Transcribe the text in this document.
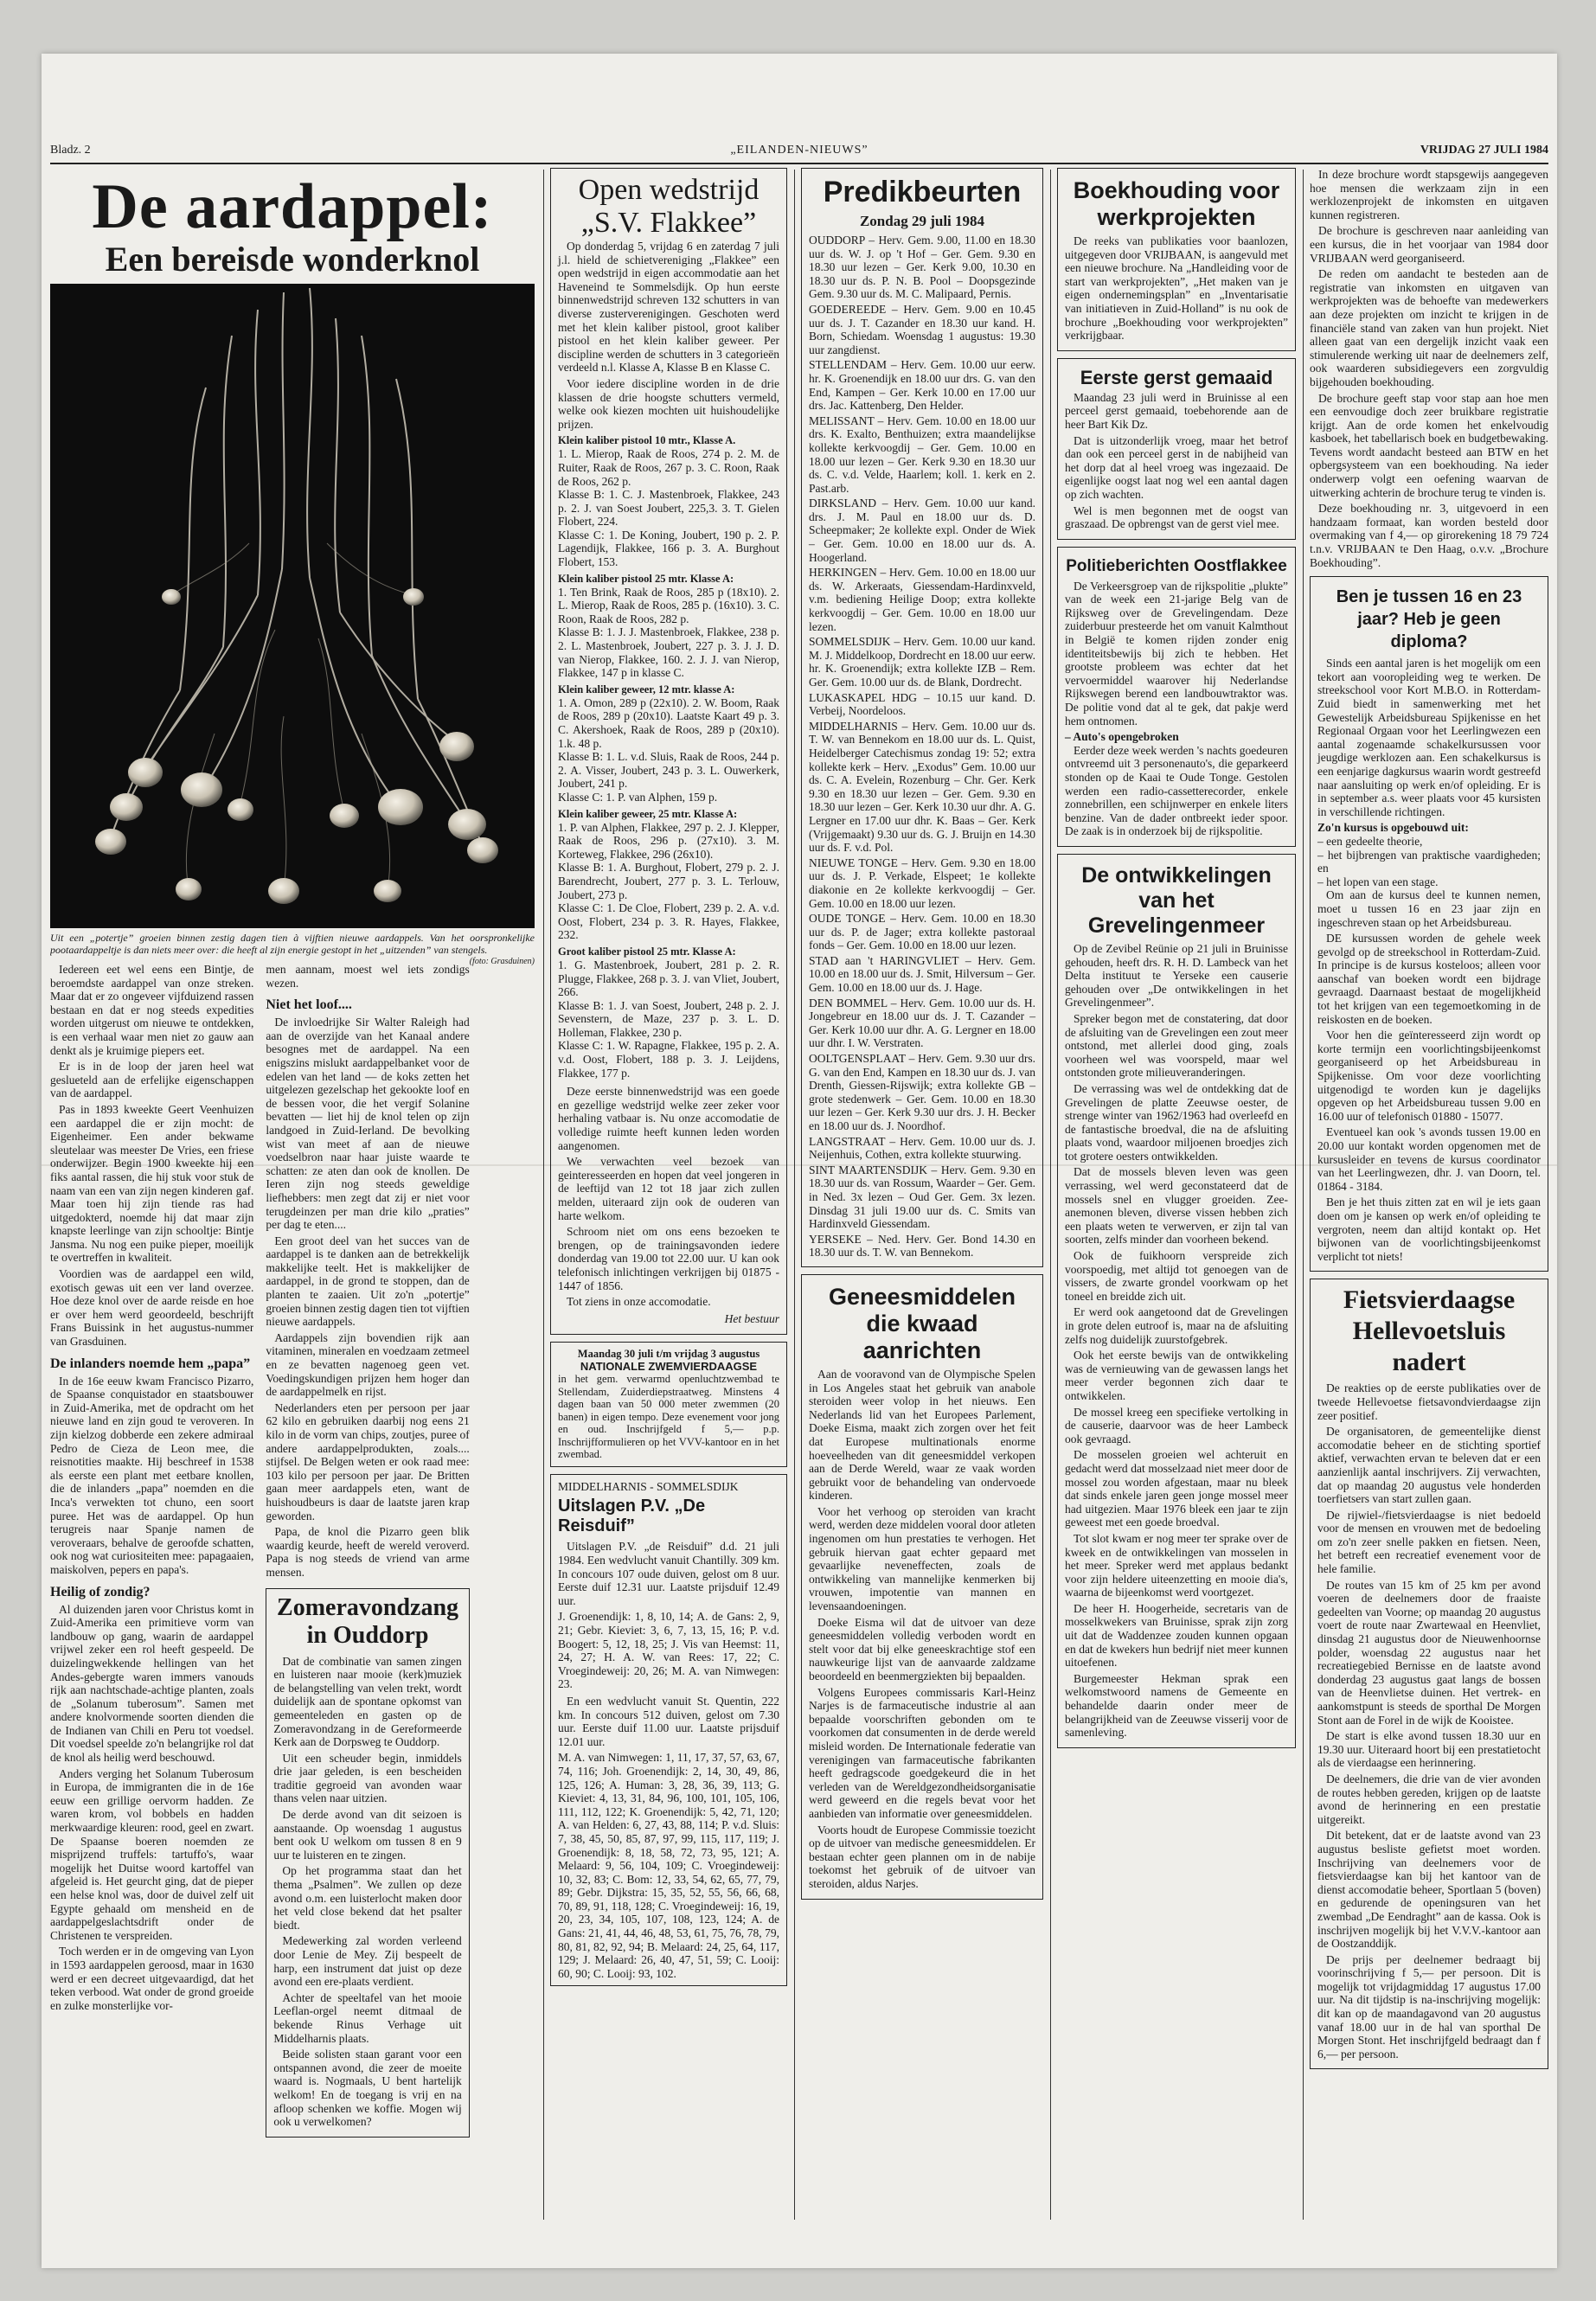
Bladz. 2	„EILANDEN-NIEUWS”	VRIJDAG 27 JULI 1984
De aardappel:
Een bereisde wonderknol
Uit een „potertje” groeien binnen zestig dagen tien à vijftien nieuwe aardappels. Van het oorspronkelijke pootaardappeltje is dan niets meer over: die heeft al zijn energie gestopt in het „uitzenden” van stengels.
(foto: Grasduinen)

Iedereen eet wel eens een Bintje, de beroemdste aardappel van onze streken. Maar dat er zo ongeveer vijfduizend rassen bestaan en dat er nog steeds expedities worden uitgerust om nieuwe te ontdekken, is een verhaal waar men niet zo gauw aan denkt als je kruimige piepers eet.

Er is in de loop der jaren heel wat geslueteld aan de erfelijke eigenschappen van de aardappel.

Pas in 1893 kweekte Geert Veenhuizen een aardappel die er zijn mocht: de Eigenheimer. Een ander bekwame sleutelaar was meester De Vries, een friese onderwijzer. Begin 1900 kweekte hij een fiks aantal rassen, die hij stuk voor stuk de naam van een van zijn negen kinderen gaf. Maar toen hij zijn tiende ras had uitgedokterd, noemde hij dat maar zijn knapste leerlinge van zijn schooltje: Bintje Jansma. Nu nog een puike pieper, moeilijk te overtreffen in kwaliteit.

Voordien was de aardappel een wild, exotisch gewas uit een ver land overzee. Hoe deze knol over de aarde reisde en hoe er over hem werd geoordeeld, beschrijft Frans Buissink in het augustus-nummer van Grasduinen.

De inlanders noemde hem „papa”

In de 16e eeuw kwam Francisco Pizarro, de Spaanse conquistador en staatsbouwer in Zuid-Amerika, met de opdracht om het nieuwe land en zijn goud te veroveren. In zijn kielzog dobberde een zekere admiraal Pedro de Cieza de Leon mee, die reisnotities maakte. Hij beschreef in 1538 als eerste een plant met eetbare knollen, die de inlanders „papa” noemden en die Inca's verwekten tot chuno, een soort puree. Het was de aardappel. Op hun terugreis naar Spanje namen de veroveraars, behalve de geroofde schatten, ook nog wat curiositeiten mee: papagaaien, maiskolven, pepers en papa's.

Heilig of zondig?

Al duizenden jaren voor Christus komt in Zuid-Amerika een primitieve vorm van landbouw op gang, waarin de aardappel vrijwel zeker een rol heeft gespeeld. De duizelingwekkende hellingen van het Andes-gebergte waren immers vanouds rijk aan nachtschade-achtige planten, zoals de „Solanum tuberosum”. Samen met andere knolvormende soorten dienden die de Indianen van Chili en Peru tot voedsel. Dit voedsel speelde zo'n belangrijke rol dat de knol als heilig werd beschouwd.

Anders verging het Solanum Tuberosum in Europa, de immigranten die in de 16e eeuw een grillige oervorm hadden. Ze waren krom, vol bobbels en hadden merkwaardige kleuren: rood, geel en zwart. De Spaanse boeren noemden ze misprijzend truffels: tartuffo's, waar mogelijk het Duitse woord kartoffel van afgeleid is. Het geurcht ging, dat de pieper een helse knol was, door de duivel zelf uit Egypte gehaald om mensheid en de aardappelgeslachtsdrift onder de Christenen te verspreiden.

Toch werden er in de omgeving van Lyon in 1593 aardappelen geroosd, maar in 1630 werd er een decreet uitgevaardigd, dat het teken verbood. Wat onder de grond groeide en zulke monsterlijke vor-

men aannam, moest wel iets zondigs wezen.

Niet het loof....

De invloedrijke Sir Walter Raleigh had aan de overzijde van het Kanaal andere besognes met de aardappel. Na een enigszins mislukt aardappelbanket voor de edelen van het land — de koks zetten het uitgelezen gezelschap het gekookte loof en de bessen voor, die het vergif Solanine bevatten — liet hij de knol telen op zijn landgoed in Zuid-Ierland. De bevolking wist van meet af aan de nieuwe voedselbron naar haar juiste waarde te schatten: ze aten dan ook de knollen. De Ieren zijn nog steeds geweldige liefhebbers: men zegt dat zij er niet voor terugdeinzen per man drie kilo „praties” per dag te eten....

Een groot deel van het succes van de aardappel is te danken aan de betrekkelijk makkelijke teelt. Het is makkelijker de aardappel, in de grond te stoppen, dan de planten te zaaien. Uit zo'n „potertje” groeien binnen zestig dagen tien tot vijftien nieuwe aardappels.

Aardappels zijn bovendien rijk aan vitaminen, mineralen en voedzaam zetmeel en ze bevatten nagenoeg geen vet. Voedingskundigen prijzen hem hoger dan de aardappelmelk en rijst.

Nederlanders eten per persoon per jaar 62 kilo en gebruiken daarbij nog eens 21 kilo in de vorm van chips, zoutjes, puree of andere aardappelprodukten, zoals.... stijfsel. De Belgen weten er ook raad mee: 103 kilo per persoon per jaar. De Britten gaan meer aardappels eten, want de huishoudbeurs is daar de laatste jaren krap geworden.

Papa, de knol die Pizarro geen blik waardig keurde, heeft de wereld veroverd. Papa is nog steeds de vriend van arme mensen.

Zomeravondzang in Ouddorp

Dat de combinatie van samen zingen en luisteren naar mooie (kerk)muziek de belangstelling van velen trekt, wordt duidelijk aan de spontane opkomst van gemeenteleden en gasten op de Zomeravondzang in de Gereformeerde Kerk aan de Dorpsweg te Ouddorp.

Uit een scheuder begin, inmiddels drie jaar geleden, is een bescheiden traditie gegroeid van avonden waar thans velen naar uitzien.

De derde avond van dit seizoen is aanstaande. Op woensdag 1 augustus bent ook U welkom om tussen 8 en 9 uur te luisteren en te zingen.

Op het programma staat dan het thema „Psalmen”. We zullen op deze avond o.m. een luisterlocht maken door het veld close bekend dat het psalter biedt.

Medewerking zal worden verleend door Lenie de Mey. Zij bespeelt de harp, een instrument dat juist op deze avond een ere-plaats verdient.

Achter de speeltafel van het mooie Leeflan-orgel neemt ditmaal de bekende Rinus Verhage uit Middelharnis plaats.

Beide solisten staan garant voor een ontspannen avond, die zeer de moeite waard is. Nogmaals, U bent hartelijk welkom! En de toegang is vrij en na afloop schenken we koffie. Mogen wij ook u verwelkomen?

Open wedstrijd „S.V. Flakkee”

Op donderdag 5, vrijdag 6 en zaterdag 7 juli j.l. hield de schietvereniging „Flakkee” een open wedstrijd in eigen accommodatie aan het Haveneind te Sommelsdijk. Op hun eerste binnenwedstrijd schreven 132 schutters in van diverse zusterverenigingen. Geschoten werd met het klein kaliber pistool, groot kaliber pistool en het klein kaliber geweer. Per discipline werden de schutters in 3 categorieën verdeeld n.l. Klasse A, Klasse B en Klasse C.

Voor iedere discipline worden in de drie klassen de drie hoogste schutters vermeld, welke ook kiezen mochten uit huishoudelijke prijzen.

Klein kaliber pistool 10 mtr., Klasse A.
1. L. Mierop, Raak de Roos, 274 p. 2. M. de Ruiter, Raak de Roos, 267 p. 3. C. Roon, Raak de Roos, 262 p.
Klasse B: 1. C. J. Mastenbroek, Flakkee, 243 p. 2. J. van Soest Joubert, 225,3. 3. T. Gielen Flobert, 224.
Klasse C: 1. De Koning, Joubert, 190 p. 2. P. Lagendijk, Flakkee, 166 p. 3. A. Burghout Flobert, 153.
Klein kaliber pistool 25 mtr. Klasse A:
1. Ten Brink, Raak de Roos, 285 p (18x10). 2. L. Mierop, Raak de Roos, 285 p. (16x10). 3. C. Roon, Raak de Roos, 282 p.
Klasse B: 1. J. J. Mastenbroek, Flakkee, 238 p. 2. L. Mastenbroek, Joubert, 227 p. 3. J. J. D. van Nierop, Flakkee, 160. 2. J. J. van Nierop, Flakkee, 147 p in klasse C.
Klein kaliber geweer, 12 mtr. klasse A:
1. A. Omon, 289 p (22x10). 2. W. Boom, Raak de Roos, 289 p (20x10). Laatste Kaart 49 p. 3. C. Akershoek, Raak de Roos, 289 p (20x10). 1.k. 48 p.
Klasse B: 1. L. v.d. Sluis, Raak de Roos, 244 p. 2. A. Visser, Joubert, 243 p. 3. L. Ouwerkerk, Joubert, 241 p.
Klasse C: 1. P. van Alphen, 159 p.
Klein kaliber geweer, 25 mtr. Klasse A:
1. P. van Alphen, Flakkee, 297 p. 2. J. Klepper, Raak de Roos, 296 p. (27x10). 3. M. Korteweg, Flakkee, 296 (26x10).
Klasse B: 1. A. Burghout, Flobert, 279 p. 2. J. Barendrecht, Joubert, 277 p. 3. L. Terlouw, Joubert, 273 p.
Klasse C: 1. De Cloe, Flobert, 239 p. 2. A. v.d. Oost, Flobert, 234 p. 3. R. Hayes, Flakkee, 232.
Groot kaliber pistool 25 mtr. Klasse A:
1. G. Mastenbroek, Joubert, 281 p. 2. R. Plugge, Flakkee, 268 p. 3. J. van Vliet, Joubert, 266.
Klasse B: 1. J. van Soest, Joubert, 248 p. 2. J. Sevenstern, de Maze, 237 p. 3. L. D. Holleman, Flakkee, 230 p.
Klasse C: 1. W. Rapagne, Flakkee, 195 p. 2. A. v.d. Oost, Flobert, 188 p. 3. J. Leijdens, Flakkee, 177 p.

Deze eerste binnenwedstrijd was een goede en gezellige wedstrijd welke zeer zeker voor herhaling vatbaar is. Nu onze accomodatie de volledige ruimte heeft kunnen leden worden aangenomen.

We verwachten veel bezoek van geinteresseerden en hopen dat veel jongeren in de leeftijd van 12 tot 18 jaar zich zullen melden, uiteraard zijn ook de ouderen van harte welkom.

Schroom niet om ons eens bezoeken te brengen, op de trainingsavonden iedere donderdag van 19.00 tot 22.00 uur. U kan ook telefonisch inlichtingen verkrijgen bij 01875 - 1447 of 1856.

Tot ziens in onze accomodatie.

Het bestuur
Maandag 30 juli t/m vrijdag 3 augustus
NATIONALE ZWEMVIERDAAGSE
in het gem. verwarmd openluchtzwembad te Stellendam, Zuiderdiepstraatweg. Minstens 4 dagen baan van 50 000 meter zwemmen (20 banen) in eigen tempo. Deze evenement voor jong en oud. Inschrijfgeld f 5,— p.p. Inschrijfformulieren op het VVV-kantoor en in het zwembad.
MIDDELHARNIS - SOMMELSDIJK
Uitslagen P.V. „De Reisduif”

Uitslagen P.V. „de Reisduif” d.d. 21 juli 1984. Een wedvlucht vanuit Chantilly. 309 km. In concours 107 oude duiven, gelost om 8 uur. Eerste duif 12.31 uur. Laatste prijsduif 12.49 uur.

J. Groenendijk: 1, 8, 10, 14; A. de Gans: 2, 9, 21; Gebr. Kieviet: 3, 6, 7, 13, 15, 16; P. v.d. Boogert: 5, 12, 18, 25; J. Vis van Heemst: 11, 24, 27; H. A. W. van Rees: 17, 22; C. Vroegindeweij: 20, 26; M. A. van Nimwegen: 23.

En een wedvlucht vanuit St. Quentin, 222 km. In concours 512 duiven, gelost om 7.30 uur. Eerste duif 11.00 uur. Laatste prijsduif 12.01 uur.

M. A. van Nimwegen: 1, 11, 17, 37, 57, 63, 67, 74, 116; Joh. Groenendijk: 2, 14, 30, 49, 86, 125, 126; A. Human: 3, 28, 36, 39, 113; G. Kieviet: 4, 13, 31, 84, 96, 100, 101, 105, 106, 111, 112, 122; K. Groenendijk: 5, 42, 71, 120; A. van Helden: 6, 27, 43, 88, 114; P. v.d. Sluis: 7, 38, 45, 50, 85, 87, 97, 99, 115, 117, 119; J. Groenendijk: 8, 18, 58, 72, 73, 95, 121; A. Melaard: 9, 56, 104, 109; C. Vroegindeweij: 10, 32, 83; C. Bom: 12, 33, 54, 62, 65, 77, 79, 89; Gebr. Dijkstra: 15, 35, 52, 55, 56, 66, 68, 70, 89, 91, 118, 128; C. Vroegindeweij: 16, 19, 20, 23, 34, 105, 107, 108, 123, 124; A. de Gans: 21, 41, 44, 46, 48, 53, 61, 75, 76, 78, 79, 80, 81, 82, 92, 94; B. Melaard: 24, 25, 64, 117, 129; J. Melaard: 26, 40, 47, 51, 59; C. Looij: 60, 90; C. Looij: 93, 102.
Predikbeurten
Zondag 29 juli 1984
OUDDORP – Herv. Gem. 9.00, 11.00 en 18.30 uur ds. W. J. op 't Hof – Ger. Gem. 9.30 en 18.30 uur lezen – Ger. Kerk 9.00, 10.30 en 18.30 uur ds. P. N. B. Pool – Doopsgezinde Gem. 9.30 uur ds. M. C. Malipaard, Pernis.
GOEDEREEDE – Herv. Gem. 9.00 en 10.45 uur ds. J. T. Cazander en 18.30 uur kand. H. Born, Schiedam. Woensdag 1 augustus: 19.30 uur zangdienst.
STELLENDAM – Herv. Gem. 10.00 uur eerw. hr. K. Groenendijk en 18.00 uur drs. G. van den End, Kampen – Ger. Kerk 10.00 en 17.00 uur drs. Jac. Kattenberg, Den Helder.
MELISSANT – Herv. Gem. 10.00 en 18.00 uur drs. K. Exalto, Benthuizen; extra maandelijkse kollekte kerkvoogdij – Ger. Gem. 10.00 en 18.00 uur lezen – Ger. Kerk 9.30 en 18.30 uur ds. C. v.d. Velde, Haarlem; koll. 1. kerk en 2. Past.arb.
DIRKSLAND – Herv. Gem. 10.00 uur kand. drs. J. M. Paul en 18.00 uur ds. D. Scheepmaker; 2e kollekte expl. Onder de Wiek – Ger. Gem. 10.00 en 18.00 uur ds. A. Hoogerland.
HERKINGEN – Herv. Gem. 10.00 en 18.00 uur ds. W. Arkeraats, Giessendam-Hardinxveld, v.m. bediening Heilige Doop; extra kollekte kerkvoogdij – Ger. Gem. 10.00 en 18.00 uur lezen.
SOMMELSDIJK – Herv. Gem. 10.00 uur kand. M. J. Middelkoop, Dordrecht en 18.00 uur eerw. hr. K. Groenendijk; extra kollekte IZB – Rem. Ger. Gem. 10.00 uur ds. de Blank, Dordrecht.
LUKASKAPEL HDG – 10.15 uur kand. D. Verbeij, Noordeloos.
MIDDELHARNIS – Herv. Gem. 10.00 uur ds. T. W. van Bennekom en 18.00 uur ds. L. Quist, Heidelberger Catechismus zondag 19: 52; extra kollekte kerk – Herv. „Exodus” Gem. 10.00 uur ds. C. A. Evelein, Rozenburg – Chr. Ger. Kerk 9.30 en 18.30 uur lezen – Ger. Gem. 9.30 en 18.30 uur lezen – Ger. Kerk 10.30 uur dhr. A. G. Lergner en 17.00 uur dhr. K. Baas – Ger. Kerk (Vrijgemaakt) 9.30 uur ds. G. J. Bruijn en 14.30 uur ds. F. v.d. Pol.
NIEUWE TONGE – Herv. Gem. 9.30 en 18.00 uur ds. J. P. Verkade, Elspeet; 1e kollekte diakonie en 2e kollekte kerkvoogdij – Ger. Gem. 10.00 en 18.00 uur lezen.
OUDE TONGE – Herv. Gem. 10.00 en 18.30 uur ds. P. de Jager; extra kollekte pastoraal fonds – Ger. Gem. 10.00 en 18.00 uur lezen.
STAD aan 't HARINGVLIET – Herv. Gem. 10.00 en 18.00 uur ds. J. Smit, Hilversum – Ger. Gem. 10.00 en 18.00 uur ds. J. Hage.
DEN BOMMEL – Herv. Gem. 10.00 uur ds. H. Jongebreur en 18.00 uur ds. J. T. Cazander – Ger. Kerk 10.00 uur dhr. A. G. Lergner en 18.00 uur dhr. I. W. Verstraten.
OOLTGENSPLAAT – Herv. Gem. 9.30 uur drs. G. van den End, Kampen en 18.30 uur ds. J. van Drenth, Giessen-Rijswijk; extra kollekte GB – grote stedenwerk – Ger. Gem. 10.00 en 18.30 uur lezen – Ger. Kerk 9.30 uur drs. J. H. Becker en 18.00 uur ds. J. Noordhof.
LANGSTRAAT – Herv. Gem. 10.00 uur ds. J. Neijenhuis, Cothen, extra kollekte stuurwing.
SINT MAARTENSDIJK – Herv. Gem. 9.30 en 18.30 uur ds. van Rossum, Waarder – Ger. Gem. in Ned. 3x lezen – Oud Ger. Gem. 3x lezen. Dinsdag 31 juli 19.00 uur ds. C. Smits van Hardinxveld Giessendam.
YERSEKE – Ned. Herv. Ger. Bond 14.30 en 18.30 uur ds. T. W. van Bennekom.
Geneesmiddelen die kwaad aanrichten

Aan de vooravond van de Olympische Spelen in Los Angeles staat het gebruik van anabole steroiden weer volop in het nieuws. Een Nederlands lid van het Europees Parlement, Doeke Eisma, maakt zich zorgen over het feit dat Europese multinationals enorme hoeveelheden van dit geneesmiddel verkopen aan de Derde Wereld, waar ze vaak worden gebruikt voor de behandeling van ondervoede kinderen.

Voor het verhoog op steroiden van kracht werd, werden deze middelen vooral door atleten ingenomen om hun prestaties te verhogen. Het gebruik hiervan gaat echter gepaard met gevaarlijke neveneffecten, zoals de ontwikkeling van mannelijke kenmerken bij vrouwen, impotentie van mannen en levensaandoeningen.

Doeke Eisma wil dat de uitvoer van deze geneesmiddelen volledig verboden wordt en stelt voor dat bij elke geneeskrachtige stof een nauwkeurige lijst van de aanvaarde zaldzame beoordeeld en beenmergziekten bij bepaalden.

Volgens Europees commissaris Karl-Heinz Narjes is de farmaceutische industrie al aan bepaalde voorschriften gebonden om te voorkomen dat consumenten in de derde wereld misleid worden. De Internationale federatie van verenigingen van farmaceutische fabrikanten heeft gedragscode goedgekeurd die in het verleden van de Wereldgezondheidsorganisatie werd geweerd en die regels bevat voor het aanbieden van informatie over geneesmiddelen.

Voorts houdt de Europese Commissie toezicht op de uitvoer van medische geneesmiddelen. Er bestaan echter geen plannen om in de nabije toekomst het gebruik of de uitvoer van steroiden, aldus Narjes.

Boekhouding voor werkprojekten

De reeks van publikaties voor baanlozen, uitgegeven door VRIJBAAN, is aangevuld met een nieuwe brochure. Na „Handleiding voor de start van werkprojekten”, „Het maken van je eigen ondernemingsplan” en „Inventarisatie van initiatieven in Zuid-Holland” is nu ook de brochure „Boekhouding voor werkprojekten” verkrijgbaar.

Eerste gerst gemaaid

Maandag 23 juli werd in Bruinisse al een perceel gerst gemaaid, toebehorende aan de heer Bart Kik Dz.

Dat is uitzonderlijk vroeg, maar het betrof dan ook een perceel gerst in de nabijheid van het dorp dat al heel vroeg was ingezaaid. De eigenlijke oogst laat nog wel een aantal dagen op zich wachten.

Wel is men begonnen met de oogst van graszaad. De opbrengst van de gerst viel mee.

Politieberichten Oostflakkee

De Verkeersgroep van de rijkspolitie „plukte” van de week een 21-jarige Belg van de Rijksweg over de Grevelingendam. Deze zuiderbuur presteerde het om vanuit Kalmthout in België te komen rijden zonder enig identiteitsbewijs bij zich te hebben. Het grootste probleem was echter dat het vervoermiddel waarover hij Nederlandse Rijkswegen berend een landbouwtraktor was. De politie vond dat al te gek, dat pakje werd hem ontnomen.

– Auto's opengebroken

Eerder deze week werden 's nachts goedeuren ontvreemd uit 3 personenauto's, die geparkeerd stonden op de Kaai te Oude Tonge. Gestolen werden een radio-cassetterecorder, enkele zonnebrillen, een schijnwerper en enkele liters benzine. Van de dader ontbreekt ieder spoor. De zaak is in onderzoek bij de rijkspolitie.

De ontwikkelingen van het Grevelingenmeer

Op de Zevibel Reünie op 21 juli in Bruinisse gehouden, heeft drs. R. H. D. Lambeck van het Delta instituut te Yerseke een causerie gehouden over „De ontwikkelingen in het Grevelingenmeer”.

Spreker begon met de constatering, dat door de afsluiting van de Grevelingen een zout meer ontstond, met allerlei dood ging, zoals voorheen wel was voorspeld, maar wel ontstonden grote milieuveranderingen.

De verrassing was wel de ontdekking dat de Grevelingen de platte Zeeuwse oester, de strenge winter van 1962/1963 had overleefd en de fantastische broedval, die na de afsluiting plaats vond, waardoor miljoenen broedjes zich tot grotere oesters ontwikkelden.

Dat de mossels bleven leven was geen verrassing, wel werd geconstateerd dat de mossels snel en vlugger groeiden. Zee-anemonen bleven, diverse vissen hebben zich een plaats weten te verwerven, er zijn tal van soorten, zelfs minder dan voorheen bekend.

Ook de fuikhoorn verspreide zich voorspoedig, met altijd tot genoegen van de vissers, de zwarte grondel voorkwam op het toneel en breidde zich uit.

Er werd ook aangetoond dat de Grevelingen in grote delen eutroof is, maar na de afsluiting zelfs nog duidelijk zuurstofgebrek.

Ook het eerste bewijs van de ontwikkeling was de vernieuwing van de gewassen langs het meer verder begonnen zich daar te ontwikkelen.

De mossel kreeg een specifieke vertolking in de causerie, daarvoor was de heer Lambeck ook gevraagd.

De mosselen groeien wel achteruit en gedacht werd dat mosselzaad niet meer door de mossel zou worden afgestaan, maar nu bleek dat sinds enkele jaren geen jonge mossel meer had uitgezien. Maar 1976 bleek een jaar te zijn geweest met een goede broedval.

Tot slot kwam er nog meer ter sprake over de kweek en de ontwikkelingen van mosselen in het meer. Spreker werd met applaus bedankt voor zijn heldere uiteenzetting en mooie dia's, waarna de bijeenkomst werd voortgezet.

De heer H. Hoogerheide, secretaris van de mosselkwekers van Bruinisse, sprak zijn zorg uit dat de Waddenzee zouden kunnen opgaan en dat de kwekers hun bedrijf niet meer kunnen uitoefenen.

Burgemeester Hekman sprak een welkomstwoord namens de Gemeente en behandelde daarin onder meer de belangrijkheid van de Zeeuwse visserij voor de samenleving.

In deze brochure wordt stapsgewijs aangegeven hoe mensen die werkzaam zijn in een werklozenprojekt de inkomsten en uitgaven kunnen registreren.

De brochure is geschreven naar aanleiding van een kursus, die in het voorjaar van 1984 door VRIJBAAN werd georganiseerd.

De reden om aandacht te besteden aan de registratie van inkomsten en uitgaven van werkprojekten was de behoefte van medewerkers aan deze projekten om inzicht te krijgen in de financiële stand van zaken van hun projekt. Niet alleen gaat van een dergelijk inzicht vaak een stimulerende werking uit naar de deelnemers zelf, ook waarderen subsidiegevers een zorgvuldig bijgehouden boekhouding.

De brochure geeft stap voor stap aan hoe men een eenvoudige doch zeer bruikbare registratie krijgt. Aan de orde komen het enkelvoudig kasboek, het tabellarisch boek en budgetbewaking. Tevens wordt aandacht besteed aan BTW en het opbergsysteem van een boekhouding. Na ieder onderwerp volgt een oefening waarvan de uitwerking achterin de brochure terug te vinden is.

Deze boekhouding nr. 3, uitgevoerd in een handzaam formaat, kan worden besteld door overmaking van f 4,— op girorekening 18 79 724 t.n.v. VRIJBAAN te Den Haag, o.v.v. „Brochure Boekhouding”.

Ben je tussen 16 en 23 jaar? Heb je geen diploma?

Sinds een aantal jaren is het mogelijk om een tekort aan vooropleiding weg te werken. De streekschool voor Kort M.B.O. in Rotterdam-Zuid biedt in samenwerking met het Gewestelijk Arbeidsbureau Spijkenisse en het Regionaal Orgaan voor het Leerlingwezen een aantal zogenaamde schakelkursussen voor jeugdige werklozen aan. Een schakelkursus is een eenjarige dagkursus waarin wordt gestreefd naar aansluiting op werk en/of opleiding. Er is in september a.s. weer plaats voor 45 kursisten in verschillende richtingen.

Zo'n kursus is opgebouwd uit:
– een gedeelte theorie,
– het bijbrengen van praktische vaardigheden; en
– het lopen van een stage.

Om aan de kursus deel te kunnen nemen, moet u tussen 16 en 23 jaar zijn en ingeschreven staan op het Arbeidsbureau.

DE kursussen worden de gehele week gevolgd op de streekschool in Rotterdam-Zuid. In principe is de kursus kosteloos; alleen voor aanschaf van boeken wordt een bijdrage gevraagd. Daarnaast bestaat de mogelijkheid tot het krijgen van een tegemoetkoming in de reiskosten en de boeken.

Voor hen die geïnteresseerd zijn wordt op korte termijn een voorlichtingsbijeenkomst georganiseerd op het Arbeidsbureau in Spijkenisse. Om voor deze voorlichting uitgenodigd te worden kun je dagelijks opgeven op het Arbeidsbureau tussen 9.00 en 16.00 uur of telefonisch 01880 - 15077.

Eventueel kan ook 's avonds tussen 19.00 en 20.00 uur kontakt worden opgenomen met de kursusleider en tevens de kursus coordinator van het Leerlingwezen, dhr. J. van Doorn, tel. 01864 - 3184.

Ben je het thuis zitten zat en wil je iets gaan doen om je kansen op werk en/of opleiding te vergroten, neem dan altijd kontakt op. Het bijwonen van de voorlichtingsbijeenkomst verplicht tot niets!

Fietsvierdaagse Hellevoetsluis nadert

De reakties op de eerste publikaties over de tweede Hellevoetse fietsavondvierdaagse zijn zeer positief.

De organisatoren, de gemeentelijke dienst accomodatie beheer en de stichting sportief aktief, verwachten ervan te beleven dat er een aanzienlijk aantal inschrijvers. Zij verwachten, dat op maandag 20 augustus vele honderden toerfietsers van start zullen gaan.

De rijwiel-/fietsvierdaagse is niet bedoeld voor de mensen en vrouwen met de bedoeling om zo'n zeer snelle pakken en fietsen. Neen, het betreft een recreatief evenement voor de hele familie.

De routes van 15 km of 25 km per avond voeren de deelnemers door de fraaiste gedeelten van Voorne; op maandag 20 augustus voert de route naar Zwartewaal en Heenvliet, dinsdag 21 augustus door de Nieuwenhoornse polder, woensdag 22 augustus naar het recreatiegebied Bernisse en de laatste avond donderdag 23 augustus gaat langs de bossen van de Heenvlietse duinen. Het vertrek- en aankomstpunt is steeds de sporthal De Morgen Stont aan de Forel in de wijk de Kooistee.

De start is elke avond tussen 18.30 uur en 19.30 uur. Uiteraard hoort bij een prestatietocht als de vierdaagse een herinnering.

De deelnemers, die drie van de vier avonden de routes hebben gereden, krijgen op de laatste avond de herinnering en een prestatie uitgereikt.

Dit betekent, dat er de laatste avond van 23 augustus besliste gefietst moet worden. Inschrijving van deelnemers voor de fietsvierdaagse kan bij het kantoor van de dienst accomodatie beheer, Sportlaan 5 (boven) en gedurende de openingsuren van het zwembad „De Eendraght” aan de kassa. Ook is inschrijven mogelijk bij het V.V.V.-kantoor aan de Oostzanddijk.

De prijs per deelnemer bedraagt bij voorinschrijving f 5,— per persoon. Dit is mogelijk tot vrijdagmiddag 17 augustus 17.00 uur. Na dit tijdstip is na-inschrijving mogelijk: dit kan op de maandagavond van 20 augustus vanaf 18.00 uur in de hal van sporthal De Morgen Stont. Het inschrijfgeld bedraagt dan f 6,— per persoon.
